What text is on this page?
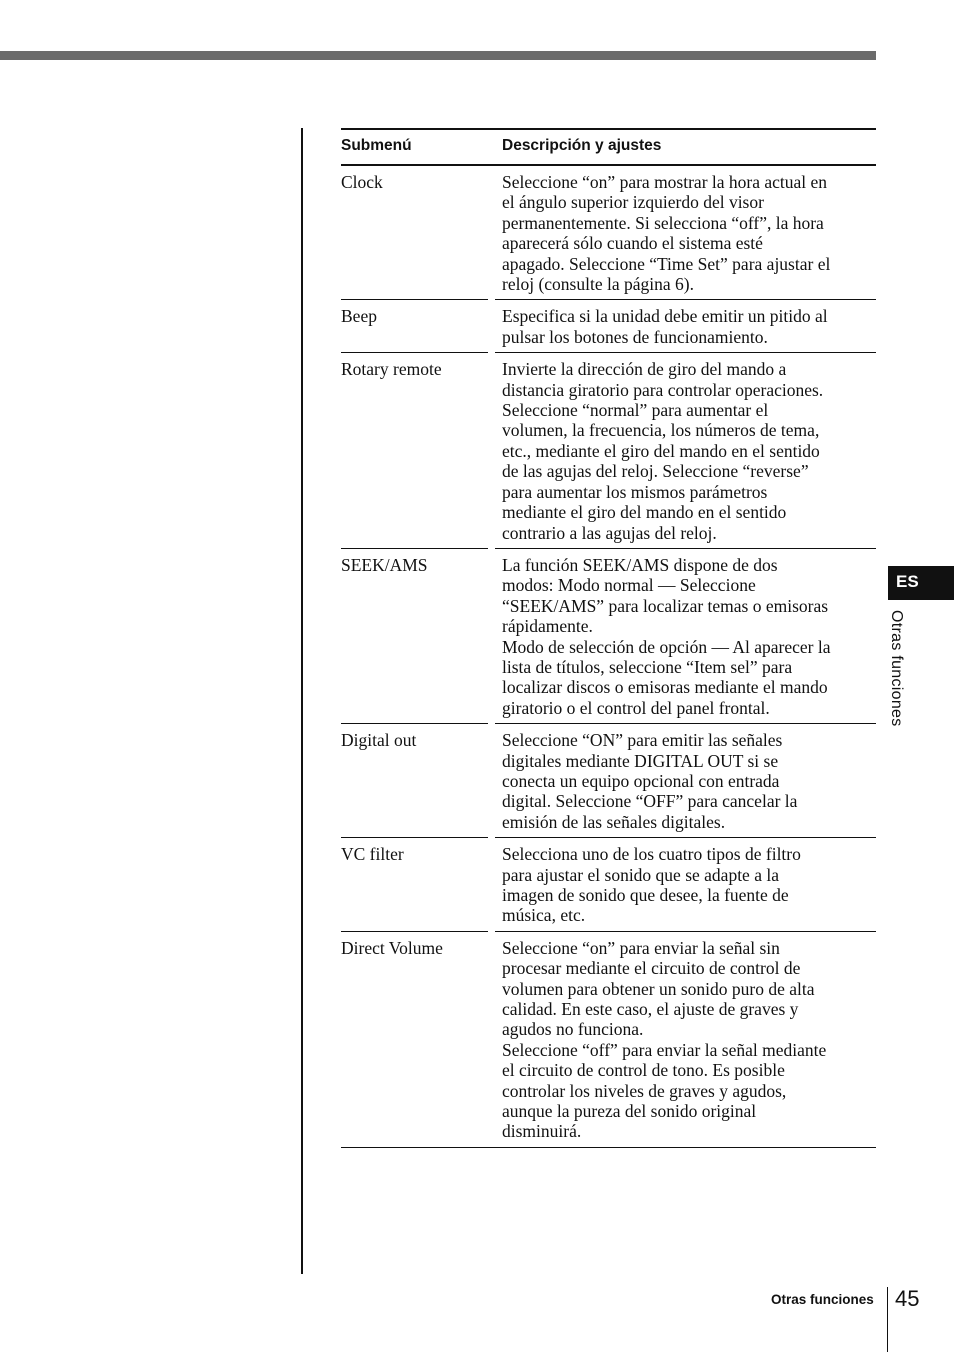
Submenú	Descripción y ajustes
Clock	Seleccione “on” para mostrar la hora actual en
el ángulo superior izquierdo del visor
permanentemente. Si selecciona “off”, la hora
aparecerá sólo cuando el sistema esté
apagado. Seleccione “Time Set” para ajustar el
reloj (consulte la página 6).
Beep	Especifica si la unidad debe emitir un pitido al
pulsar los botones de funcionamiento.
Rotary remote	Invierte la dirección de giro del mando a
distancia giratorio para controlar operaciones.
Seleccione “normal” para aumentar el
volumen, la frecuencia, los números de tema,
etc., mediante el giro del mando en el sentido
de las agujas del reloj. Seleccione “reverse”
para aumentar los mismos parámetros
mediante el giro del mando en el sentido
contrario a las agujas del reloj.
SEEK/AMS	La función SEEK/AMS dispone de dos
modos: Modo normal — Seleccione
“SEEK/AMS” para localizar temas o emisoras
rápidamente.
Modo de selección de opción — Al aparecer la
lista de títulos, seleccione “Item sel” para
localizar discos o emisoras mediante el mando
giratorio o el control del panel frontal.
Digital out	Seleccione “ON” para emitir las señales
digitales mediante DIGITAL OUT si se
conecta un equipo opcional con entrada
digital. Seleccione “OFF” para cancelar la
emisión de las señales digitales.
VC filter	Selecciona uno de los cuatro tipos de filtro
para ajustar el sonido que se adapte a la
imagen de sonido que desee, la fuente de
música, etc.
Direct Volume	Seleccione “on” para enviar la señal sin
procesar mediante el circuito de control de
volumen para obtener un sonido puro de alta
calidad. En este caso, el ajuste de graves y
agudos no funciona.
Seleccione “off” para enviar la señal mediante
el circuito de control de tono. Es posible
controlar los niveles de graves y agudos,
aunque la pureza del sonido original
disminuirá.
ES
Otras funciones
Otras funciones 45
